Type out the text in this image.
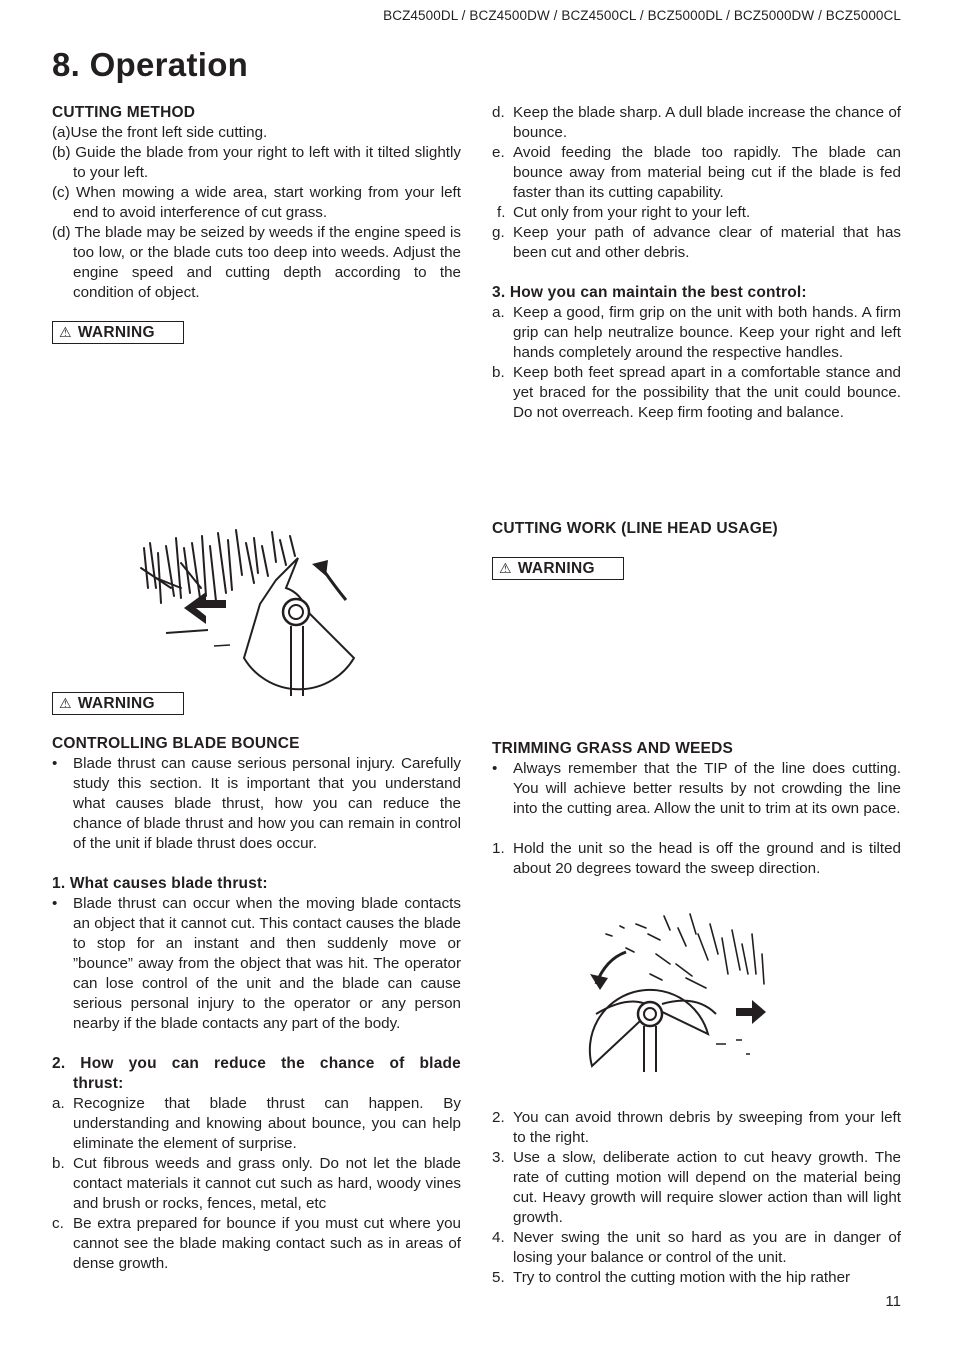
BCZ4500DL / BCZ4500DW / BCZ4500CL / BCZ5000DL / BCZ5000DW / BCZ5000CL
8. Operation
CUTTING METHOD
(a)Use the front left side cutting.
(b) Guide the blade from your right to left with it tilted slightly to your left.
(c) When mowing a wide area, start working from your left end to avoid interference of cut grass.
(d) The blade may be seized by weeds if the engine speed is too low, or the blade cuts too deep into weeds. Adjust the engine speed and cutting depth according to the condition of object.
⚠ WARNING
⚠ WARNING
CONTROLLING BLADE BOUNCE
• Blade thrust can cause serious personal injury. Carefully study this section. It is important that you understand what causes blade thrust, how you can reduce the chance of blade thrust and how you can remain in control of the unit if blade thrust does occur.
1. What causes blade thrust:
• Blade thrust can occur when the moving blade contacts an object that it cannot cut. This contact causes the blade to stop for an instant and then suddenly move or ”bounce” away from the object that was hit. The operator can lose control of the unit and the blade can cause serious personal injury to the operator or any person nearby if the blade contacts any part of the body.
2. How you can reduce the chance of blade
thrust:
a. Recognize that blade thrust can happen. By understanding and knowing about bounce, you can help eliminate the element of surprise.
b. Cut fibrous weeds and grass only. Do not let the blade contact materials it cannot cut such as hard, woody vines and brush or rocks, fences, metal, etc
c. Be extra prepared for bounce if you must cut where you cannot see the blade making contact such as in areas of dense growth.
d. Keep the blade sharp. A dull blade increase the chance of bounce.
e. Avoid feeding the blade too rapidly. The blade can bounce away from material being cut if the blade is fed faster than its cutting capability.
f. Cut only from your right to your left.
g. Keep your path of advance clear of material that has been cut and other debris.
3. How you can maintain the best control:
a. Keep a good, firm grip on the unit with both hands. A firm grip can help neutralize bounce. Keep your right and left hands completely around the respective handles.
b. Keep both feet spread apart in a comfortable stance and yet braced for the possibility that the unit could bounce. Do not overreach. Keep firm footing and balance.
CUTTING WORK (LINE HEAD USAGE)
⚠ WARNING
TRIMMING GRASS AND WEEDS
• Always remember that the TIP of the line does cutting. You will achieve better results by not crowding the line into the cutting area. Allow the unit to trim at its own pace.
1. Hold the unit so the head is off the ground and is tilted about 20 degrees toward the sweep direction.
2. You can avoid thrown debris by sweeping from your left to the right.
3. Use a slow, deliberate action to cut heavy growth. The rate of cutting motion will depend on the material being cut. Heavy growth will require slower action than will light growth.
4. Never swing the unit so hard as you are in danger of losing your balance or control of the unit.
5. Try to control the cutting motion with the hip rather
11
